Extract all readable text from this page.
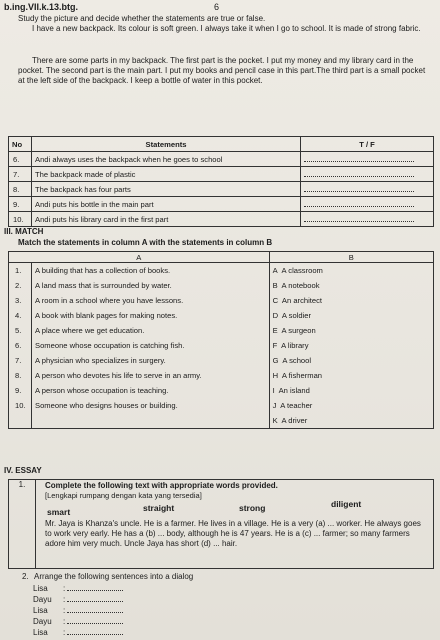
b.ing.VII.k.13.btg.	6
Study the picture and decide whether the statements are true or false.
I have a new backpack. Its colour is soft green. I always take it when I go to school. It is made of strong fabric.
There are some parts in my backpack. The first part is the pocket. I put my money and my library card in the pocket. The second part is the main part. I put my books and pencil case in this part.The third part is a small pocket at the left side of the backpack. I keep a bottle of water in this pocket.
No	Statements	T / F
6.	Andi always uses the backpack when he goes to school	
7.	The backpack made of plastic	
8.	The backpack has four parts	
9.	Andi puts his bottle in the main part	
10.	Andi puts his library card in the first part	
III. MATCH
Match the statements in column A with the statements in column B
A		B
1.	A building that has a collection of books.	A A classroom
2.	A land mass that is surrounded by water.	B A notebook
3.	A room in a school where you have lessons.	C An architect
4.	A book with blank pages for making notes.	D A soldier
5.	A place where we get education.	E A surgeon
6.	Someone whose occupation is catching fish.	F A library
7.	A physician who specializes in surgery.	G A school
8.	A person who devotes his life to serve in an army.	H A fisherman
9.	A person whose occupation is teaching.	I An island
10.	Someone who designs houses or building.	J A teacher
		K A driver
IV. ESSAY
1.	Complete the following text with appropriate words provided.
[Lengkapi rumpang dengan kata yang tersedia]
smart	straight	strong	diligent
Mr. Jaya is Khanza's uncle. He is a farmer. He lives in a village. He is a very (a) ... worker. He always goes to work very early. He has a (b) ... body, although he is 47 years. He is a (c) ... farmer; so many farmers adore him very much. Uncle Jaya has short (d) ... hair.
2. Arrange the following sentences into a dialog
Lisa :
Dayu :
Lisa :
Dayu :
Lisa :
